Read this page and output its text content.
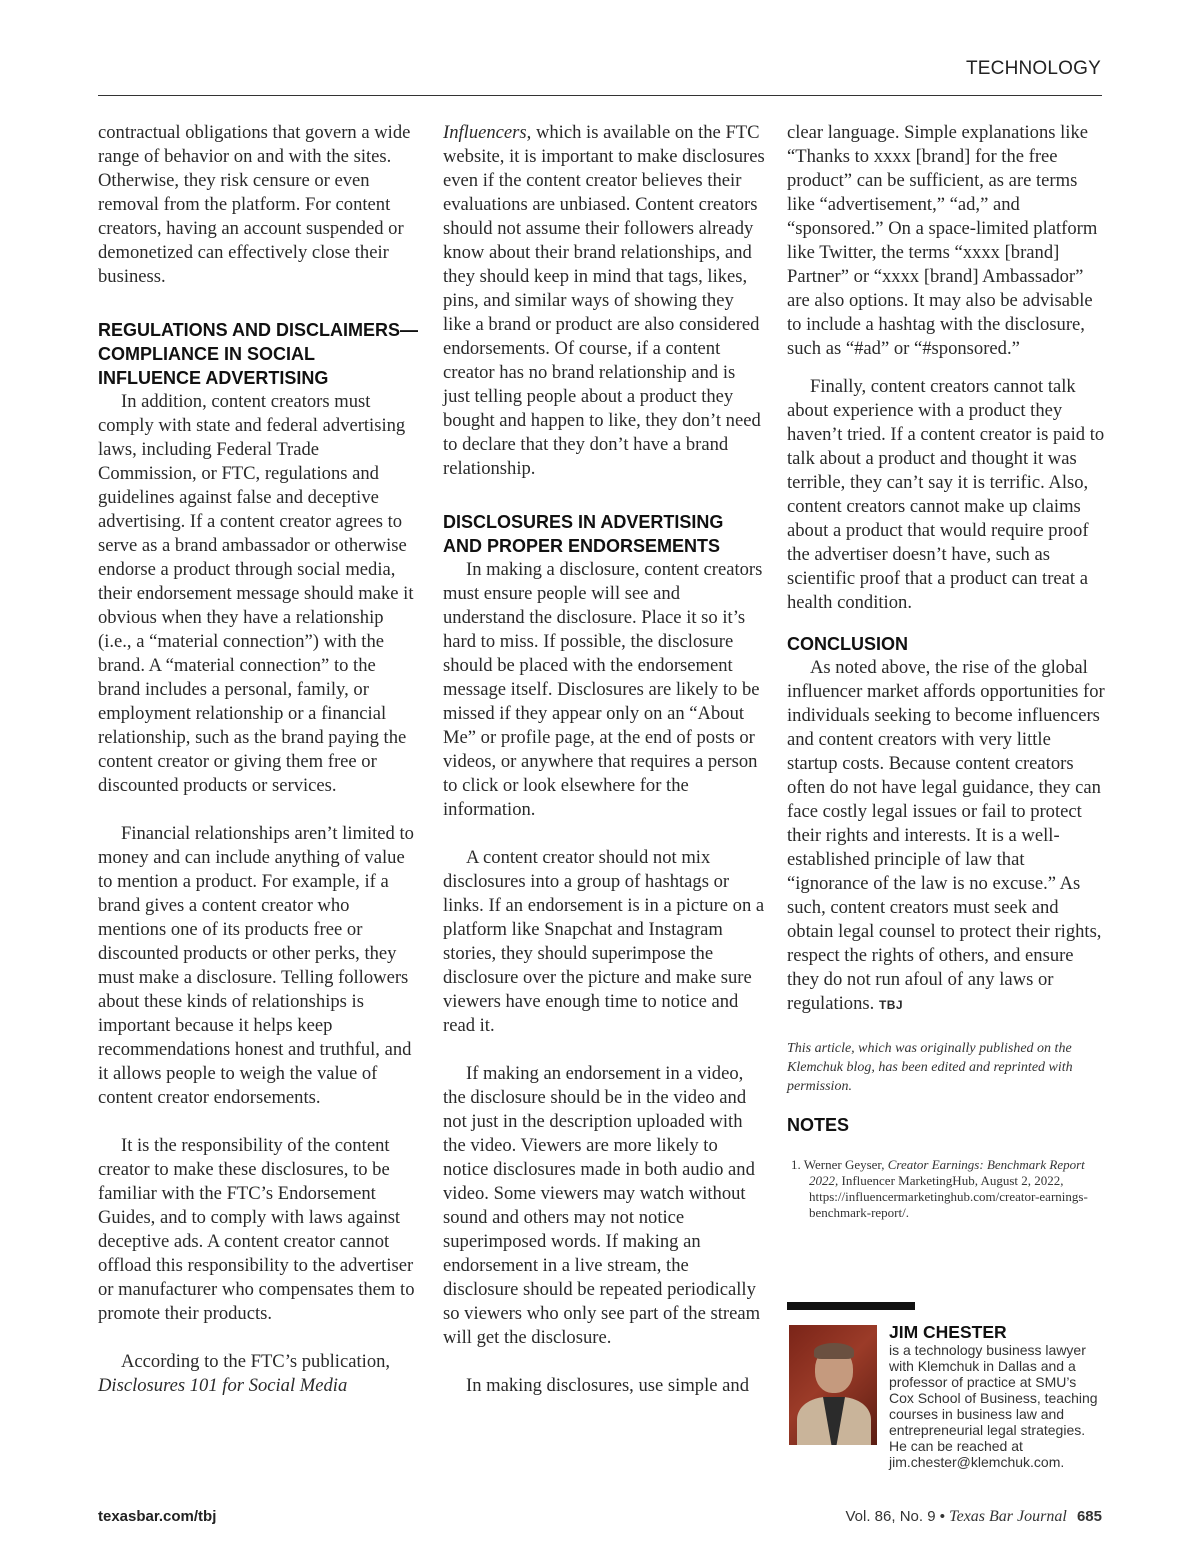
TECHNOLOGY

contractual obligations that govern a wide range of behavior on and with the sites. Otherwise, they risk censure or even removal from the platform. For content creators, having an account suspended or demonetized can effectively close their business.

REGULATIONS AND DISCLAIMERS—COMPLIANCE IN SOCIAL INFLUENCE ADVERTISING

In addition, content creators must comply with state and federal advertising laws, including Federal Trade Commission, or FTC, regulations and guidelines against false and deceptive advertising. If a content creator agrees to serve as a brand ambassador or otherwise endorse a product through social media, their endorsement message should make it obvious when they have a relationship (i.e., a “material connection”) with the brand. A “material connection” to the brand includes a personal, family, or employment relationship or a financial relationship, such as the brand paying the content creator or giving them free or discounted products or services.

Financial relationships aren’t limited to money and can include anything of value to mention a product. For example, if a brand gives a content creator who mentions one of its products free or discounted products or other perks, they must make a disclosure. Telling followers about these kinds of relationships is important because it helps keep recommendations honest and truthful, and it allows people to weigh the value of content creator endorsements.

It is the responsibility of the content creator to make these disclosures, to be familiar with the FTC’s Endorsement Guides, and to comply with laws against deceptive ads. A content creator cannot offload this responsibility to the advertiser or manufacturer who compensates them to promote their products.

According to the FTC’s publication,
Disclosures 101 for Social Media

Influencers, which is available on the FTC website, it is important to make disclosures even if the content creator believes their evaluations are unbiased. Content creators should not assume their followers already know about their brand relationships, and they should keep in mind that tags, likes, pins, and similar ways of showing they like a brand or product are also considered endorsements. Of course, if a content creator has no brand relationship and is just telling people about a product they bought and happen to like, they don’t need to declare that they don’t have a brand relationship.

DISCLOSURES IN ADVERTISING AND PROPER ENDORSEMENTS

In making a disclosure, content creators must ensure people will see and understand the disclosure. Place it so it’s hard to miss. If possible, the disclosure should be placed with the endorsement message itself. Disclosures are likely to be missed if they appear only on an “About Me” or profile page, at the end of posts or videos, or anywhere that requires a person to click or look elsewhere for the information.

A content creator should not mix disclosures into a group of hashtags or links. If an endorsement is in a picture on a platform like Snapchat and Instagram stories, they should superimpose the disclosure over the picture and make sure viewers have enough time to notice and read it.

If making an endorsement in a video, the disclosure should be in the video and not just in the description uploaded with the video. Viewers are more likely to notice disclosures made in both audio and video. Some viewers may watch without sound and others may not notice superimposed words. If making an endorsement in a live stream, the disclosure should be repeated periodically so viewers who only see part of the stream will get the disclosure.

In making disclosures, use simple and

clear language. Simple explanations like “Thanks to xxxx [brand] for the free product” can be sufficient, as are terms like “advertisement,” “ad,” and “sponsored.” On a space-limited platform like Twitter, the terms “xxxx [brand] Partner” or “xxxx [brand] Ambassador” are also options. It may also be advisable to include a hashtag with the disclosure, such as “#ad” or “#sponsored.”

Finally, content creators cannot talk about experience with a product they haven’t tried. If a content creator is paid to talk about a product and thought it was terrible, they can’t say it is terrific. Also, content creators cannot make up claims about a product that would require proof the advertiser doesn’t have, such as scientific proof that a product can treat a health condition.

CONCLUSION

As noted above, the rise of the global influencer market affords opportunities for individuals seeking to become influencers and content creators with very little startup costs. Because content creators often do not have legal guidance, they can face costly legal issues or fail to protect their rights and interests. It is a well-established principle of law that “ignorance of the law is no excuse.” As such, content creators must seek and obtain legal counsel to protect their rights, respect the rights of others, and ensure they do not run afoul of any laws or regulations. TBJ

This article, which was originally published on the Klemchuk blog, has been edited and reprinted with permission.

NOTES
1. Werner Geyser, Creator Earnings: Benchmark Report 2022, Influencer MarketingHub, August 2, 2022, https://influencermarketinghub.com/creator-earnings-benchmark-report/.
JIM CHESTER
is a technology business lawyer with Klemchuk in Dallas and a professor of practice at SMU’s Cox School of Business, teaching courses in business law and entrepreneurial legal strategies. He can be reached at jim.chester@klemchuk.com.
texasbar.com/tbj	Vol. 86, No. 9 • Texas Bar Journal 685
